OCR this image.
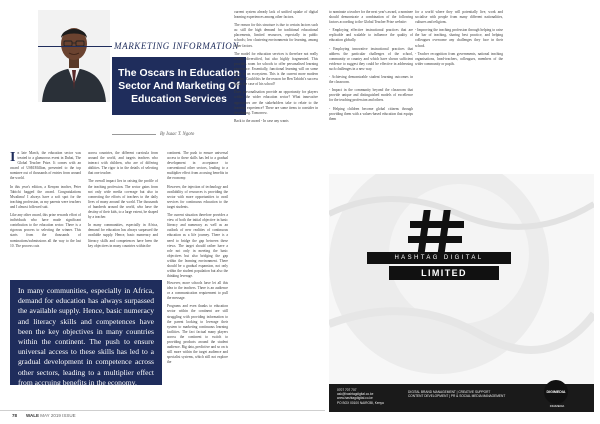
MARKETING INFORMATION
The Oscars In Education
Sector And Marketing Of
Education Services
By Isaac T. Ngoto

In late March, the education sector was treated to a glamorous event in Dubai, The Global Teacher Prize. It comes with an award of US$1Million, presented to the top nominee out of thousands of entries from around the world.

In this year's edition, a Kenyan teacher, Peter Tabichi bagged the award. Congratulations Mwalimu! I always have a soft spot for the teaching profession, as my parents were teachers and I almost followed suit.

Like any other award, this prize rewards effort of individuals who have made significant contribution to the education sector. There is a rigorous process to selecting the winner. This starts from the thousands of nominations/submissions all the way to the last 10. The process cuts

across countries, the different curricula from around the world, and targets teachers who interact with children, who are of differing abilities. The rigor is in the details of selecting that one teacher.

The overall impact lies in raising the profile of the teaching profession. The sector gains from not only wide media coverage but also in connecting the efforts of teachers to the daily lives of many around the world. The thousands of hundreds around the world, who have the destiny of their kids, to a large extent, be shaped by a teacher.

In many communities, especially in Africa, demand for education has always surpassed the available supply. Hence, basic numeracy and literacy skills and competences have been the key objectives in many countries within the

continent. The push to ensure universal access to these skills has led to a gradual development in acceptance to conventional other sectors, leading to a multiplier effect from accruing benefits in the economy.

However, the injection of technology and availability of resources is providing the sector with more opportunities to avail services for continuous education to the target students.

The current situation therefore provides a view of both the initial objective in basic literacy and numeracy as well as an outlook of new realities of continuous education as a life journey. There is a need to bridge the gap between these views. The target should rather have a role not only in meeting the basic objectives but also bridging the gap within the learning environment. There should be a gradual expansion, not only within the student population but also the thinking leverage.

However, more schools have let all this idea to the teachers. There is an audience or a communication requirement to pull the message.

Programs and even thanks to education sector within the continent are still struggling with providing information to the parent looking to leverage their system to marketing continuous learning facilities. The fact factual many players across the continent to switch to providing products around the student audience. Big data, predictive and so on is still more within the target audience and specialist systems, which still not explore the

current system already lack of unified uptake of digital learning experiences among other factors.

The reason for this structure is due to certain factors such as: still the high demand for traditional educational placements, limited resources, especially in public schools; low clustering environments for learning, among other factors.

The model for education services is therefore not really widely diversified, but also highly fragmented. This provides room for schools to offer personalised learning experience. Essentially, functional learning will on some more in an ecosystem. This is the current more modern market. Could this be the reason for Ben Tabichi's success given the case of his school?

Does personalisation provide an opportunity for players within the wider education sector? What innovative approaches are the stakeholders take to relate to the learning experience? These are some items to consider in developing. Tomorrow.

Back to the award - In case any wants

to nominate a teacher for the next year's award, a nominee should demonstrate a combination of the following factors according to the Global Teacher Prize website:

- Employing effective instructional practices that are replicable and scalable to influence the quality of education globally.

- Employing innovative instructional practices that address the particular challenges of the school, community or country and which have shown sufficient evidence to suggest they could be effective in addressing such challenges in a new way.

- Achieving demonstrable student learning outcomes in the classroom.

- Impact in the community beyond the classroom that provide unique and distinguished models of excellence for the teaching profession and others.

- Helping children become global citizens through providing them with a values-based education that equips them

for a world where they will potentially live, work and socialise with people from many different nationalities, cultures and religions.

- Improving the teaching profession through helping to raise the bar of teaching, sharing best practice, and helping colleagues overcome any challenges they face in their school.

- Teacher recognition from governments, national teaching organisations, head-teachers, colleagues, members of the wider community or pupils.

In many communities, especially in Africa, demand for education has always surpassed the available supply. Hence, basic numeracy and literacy skills and competences have been the key objectives in many countries within the continent. The push to ensure universal access to these skills has led to a gradual development in competence across other sectors, leading to a multiplier effect from accruing benefits in the economy.
HASHTAG DIGITAL
LIMITED
0707 707 707
ask@hashtagdigital.co.ke
www.hashtagdigital.co.ke
PO BOX 00100 NAIROBI, Kenya
DIGITAL BRAND MANAGEMENT | CREATIVE SUPPORT
CONTENT DEVELOPMENT | PR & SOCIAL MEDIA MANAGEMENT
DIGIMEDIA
DIGIMEDIA
78 WALE MAY 2019 ISSUE
